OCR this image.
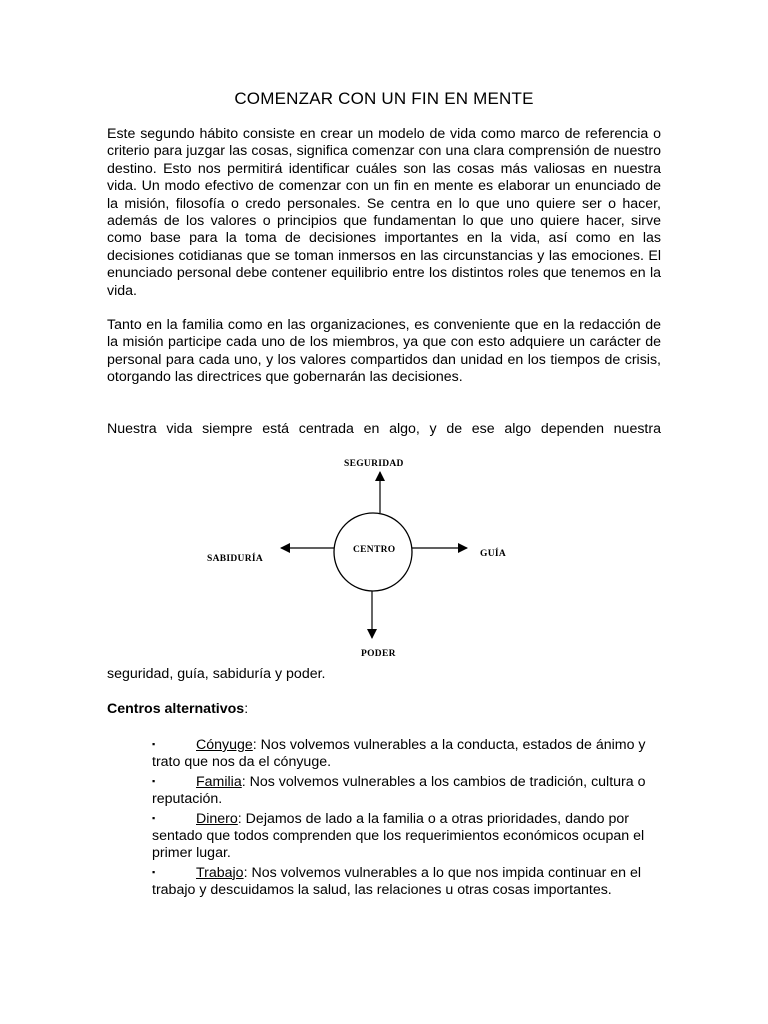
COMENZAR CON UN FIN EN MENTE

Este segundo hábito consiste en crear un modelo de vida como marco de referencia o criterio para juzgar las cosas, significa comenzar con una clara comprensión de nuestro destino. Esto nos permitirá identificar cuáles son las cosas más valiosas en nuestra vida. Un modo efectivo de comenzar con un fin en mente es elaborar un enunciado de la misión, filosofía o credo personales. Se centra en lo que uno quiere ser o hacer, además de los valores o principios que fundamentan lo que uno quiere hacer, sirve como base para la toma de decisiones importantes en la vida, así como en las decisiones cotidianas que se toman inmersos en las circunstancias y las emociones. El enunciado personal debe contener equilibrio entre los distintos roles que tenemos en la vida.

Tanto en la familia como en las organizaciones, es conveniente que en la redacción de la misión participe cada uno de los miembros, ya que con esto adquiere un carácter de personal para cada uno, y los valores compartidos dan unidad en los tiempos de crisis, otorgando las directrices que gobernarán las decisiones.

Nuestra vida siempre está centrada en algo, y de ese algo dependen nuestra

CENTRO
SEGURIDAD
GUÍA
SABIDURÍA
PODER

seguridad, guía, sabiduría y poder.

Centros alternativos:
▪	Cónyuge: Nos volvemos vulnerables a la conducta, estados de ánimo y trato que nos da el cónyuge.
▪	Familia: Nos volvemos vulnerables a los cambios de tradición, cultura o reputación.
▪	Dinero: Dejamos de lado a la familia o a otras prioridades, dando por sentado que todos comprenden que los requerimientos económicos ocupan el primer lugar.
▪	Trabajo: Nos volvemos vulnerables a lo que nos impida continuar en el trabajo y descuidamos la salud, las relaciones u otras cosas importantes.
